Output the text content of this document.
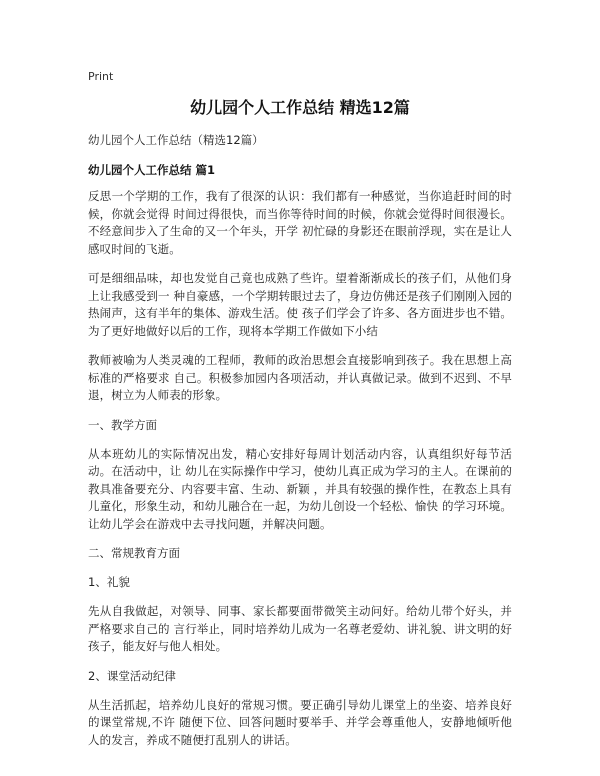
Print
幼儿园个人工作总结 精选12篇
幼儿园个人工作总结（精选12篇）
幼儿园个人工作总结 篇1

反思一个学期的工作，我有了很深的认识：我们都有一种感觉，当你追赶时间的时候，你就会觉得 时间过得很快，而当你等待时间的时候，你就会觉得时间很漫长。不经意间步入了生命的又一个年头，开学 初忙碌的身影还在眼前浮现，实在是让人感叹时间的飞逝。

可是细细品味，却也发觉自己竟也成熟了些许。望着渐渐成长的孩子们，从他们身上让我感受到一 种自豪感，一个学期转眼过去了，身边仿佛还是孩子们刚刚入园的热闹声，这有半年的集体、游戏生活。使 孩子们学会了许多、各方面进步也不错。为了更好地做好以后的工作，现将本学期工作做如下小结

教师被喻为人类灵魂的工程师，教师的政治思想会直接影响到孩子。我在思想上高标准的严格要求 自己。积极参加园内各项活动，并认真做记录。做到不迟到、不早退，树立为人师表的形象。

一、教学方面

从本班幼儿的实际情况出发，精心安排好每周计划活动内容，认真组织好每节活动。在活动中，让 幼儿在实际操作中学习，使幼儿真正成为学习的主人。在课前的教具准备要充分、内容要丰富、生动、新颖 ，并具有较强的操作性，在教态上具有儿童化，形象生动，和幼儿融合在一起，为幼儿创设一个轻松、愉快 的学习环境。让幼儿学会在游戏中去寻找问题，并解决问题。

二、常规教育方面
1、礼貌

先从自我做起，对领导、同事、家长都要面带微笑主动问好。给幼儿带个好头，并严格要求自己的 言行举止，同时培养幼儿成为一名尊老爱幼、讲礼貌、讲文明的好孩子，能友好与他人相处。

2、课堂活动纪律

从生活抓起，培养幼儿良好的常规习惯。要正确引导幼儿课堂上的坐姿、培养良好的课堂常规,不许 随便下位、回答问题时要举手、并学会尊重他人，安静地倾听他人的发言，养成不随便打乱别人的讲话。
